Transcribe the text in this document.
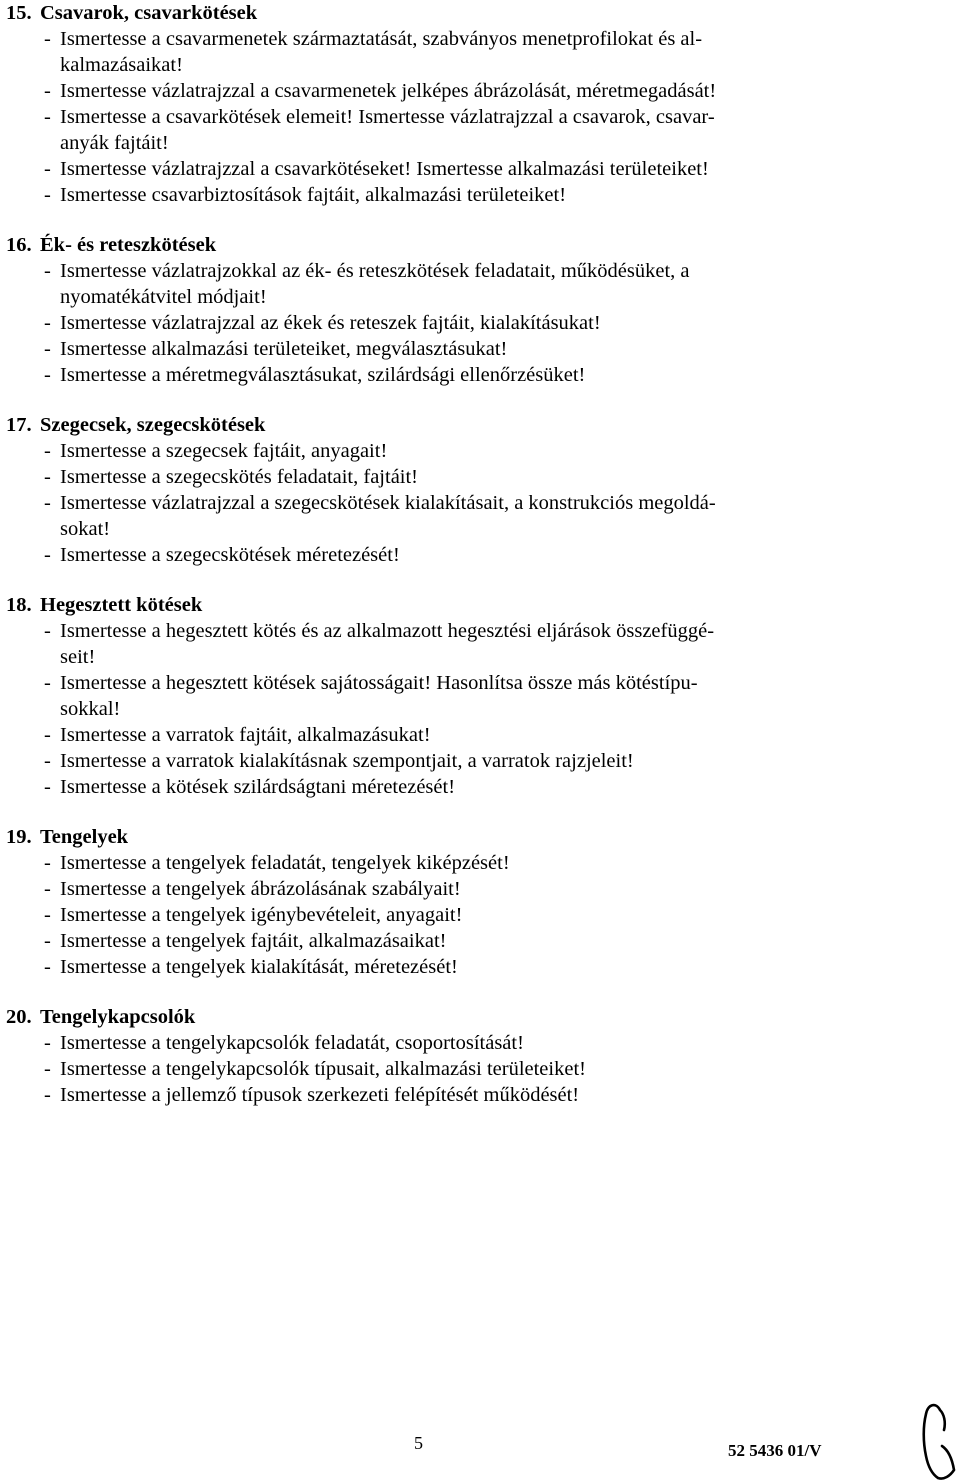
15. Csavarok, csavarkötések
- Ismertesse a csavarmenetek származtatását, szabványos menetprofilokat és al-
kalmazásaikat!
- Ismertesse vázlatrajzzal a csavarmenetek jelképes ábrázolását, méretmegadását!
- Ismertesse a csavarkötések elemeit! Ismertesse vázlatrajzzal a csavarok, csavar-
anyák fajtáit!
- Ismertesse vázlatrajzzal a csavarkötéseket! Ismertesse alkalmazási területeiket!
- Ismertesse csavarbiztosítások fajtáit, alkalmazási területeiket!
16. Ék- és reteszkötések
- Ismertesse vázlatrajzokkal az ék- és reteszkötések feladatait, működésüket, a
nyomatékátvitel módjait!
- Ismertesse vázlatrajzzal az ékek és reteszek fajtáit, kialakításukat!
- Ismertesse alkalmazási területeiket, megválasztásukat!
- Ismertesse a méretmegválasztásukat, szilárdsági ellenőrzésüket!
17. Szegecsek, szegecskötések
- Ismertesse a szegecsek fajtáit, anyagait!
- Ismertesse a szegecskötés feladatait, fajtáit!
- Ismertesse vázlatrajzzal a szegecskötések kialakításait, a konstrukciós megoldá-
sokat!
- Ismertesse a szegecskötések méretezését!
18. Hegesztett kötések
- Ismertesse a hegesztett kötés és az alkalmazott hegesztési eljárások összefüggé-
seit!
- Ismertesse a hegesztett kötések sajátosságait! Hasonlítsa össze más kötéstípu-
sokkal!
- Ismertesse a varratok fajtáit, alkalmazásukat!
- Ismertesse a varratok kialakításnak szempontjait, a varratok rajzjeleit!
- Ismertesse a kötések szilárdságtani méretezését!
19. Tengelyek
- Ismertesse a tengelyek feladatát, tengelyek kiképzését!
- Ismertesse a tengelyek ábrázolásának szabályait!
- Ismertesse a tengelyek igénybevételeit, anyagait!
- Ismertesse a tengelyek fajtáit, alkalmazásaikat!
- Ismertesse a tengelyek kialakítását, méretezését!
20. Tengelykapcsolók
- Ismertesse a tengelykapcsolók feladatát, csoportosítását!
- Ismertesse a tengelykapcsolók típusait, alkalmazási területeiket!
- Ismertesse a jellemző típusok szerkezeti felépítését működését!
5	52 5436 01/V
